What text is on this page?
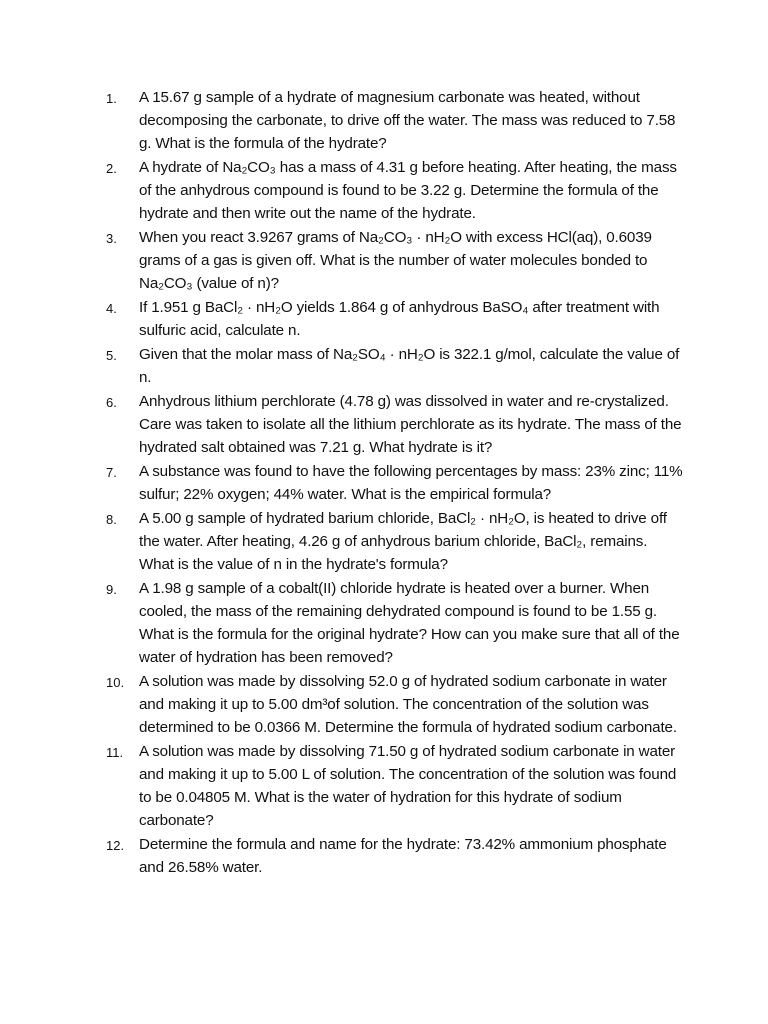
1.	A 15.67 g sample of a hydrate of magnesium carbonate was heated, without decomposing the carbonate, to drive off the water. The mass was reduced to 7.58 g. What is the formula of the hydrate?
2.	A hydrate of Na₂CO₃ has a mass of 4.31 g before heating. After heating, the mass of the anhydrous compound is found to be 3.22 g. Determine the formula of the hydrate and then write out the name of the hydrate.
3.	When you react 3.9267 grams of Na₂CO₃ · nH₂O with excess HCl(aq), 0.6039 grams of a gas is given off. What is the number of water molecules bonded to Na₂CO₃ (value of n)?
4.	If 1.951 g BaCl₂ · nH₂O yields 1.864 g of anhydrous BaSO₄ after treatment with sulfuric acid, calculate n.
5.	Given that the molar mass of Na₂SO₄ · nH₂O is 322.1 g/mol, calculate the value of n.
6.	Anhydrous lithium perchlorate (4.78 g) was dissolved in water and re-crystalized. Care was taken to isolate all the lithium perchlorate as its hydrate. The mass of the hydrated salt obtained was 7.21 g. What hydrate is it?
7.	A substance was found to have the following percentages by mass: 23% zinc; 11% sulfur; 22% oxygen; 44% water. What is the empirical formula?
8.	A 5.00 g sample of hydrated barium chloride, BaCl₂ · nH₂O, is heated to drive off the water. After heating, 4.26 g of anhydrous barium chloride, BaCl₂, remains. What is the value of n in the hydrate's formula?
9.	A 1.98 g sample of a cobalt(II) chloride hydrate is heated over a burner. When cooled, the mass of the remaining dehydrated compound is found to be 1.55 g. What is the formula for the original hydrate? How can you make sure that all of the water of hydration has been removed?
10. A solution was made by dissolving 52.0 g of hydrated sodium carbonate in water and making it up to 5.00 dm³of solution. The concentration of the solution was determined to be 0.0366 M. Determine the formula of hydrated sodium carbonate.
11.	A solution was made by dissolving 71.50 g of hydrated sodium carbonate in water and making it up to 5.00 L of solution. The concentration of the solution was found to be 0.04805 M. What is the water of hydration for this hydrate of sodium carbonate?
12. Determine the formula and name for the hydrate: 73.42% ammonium phosphate and 26.58% water.
